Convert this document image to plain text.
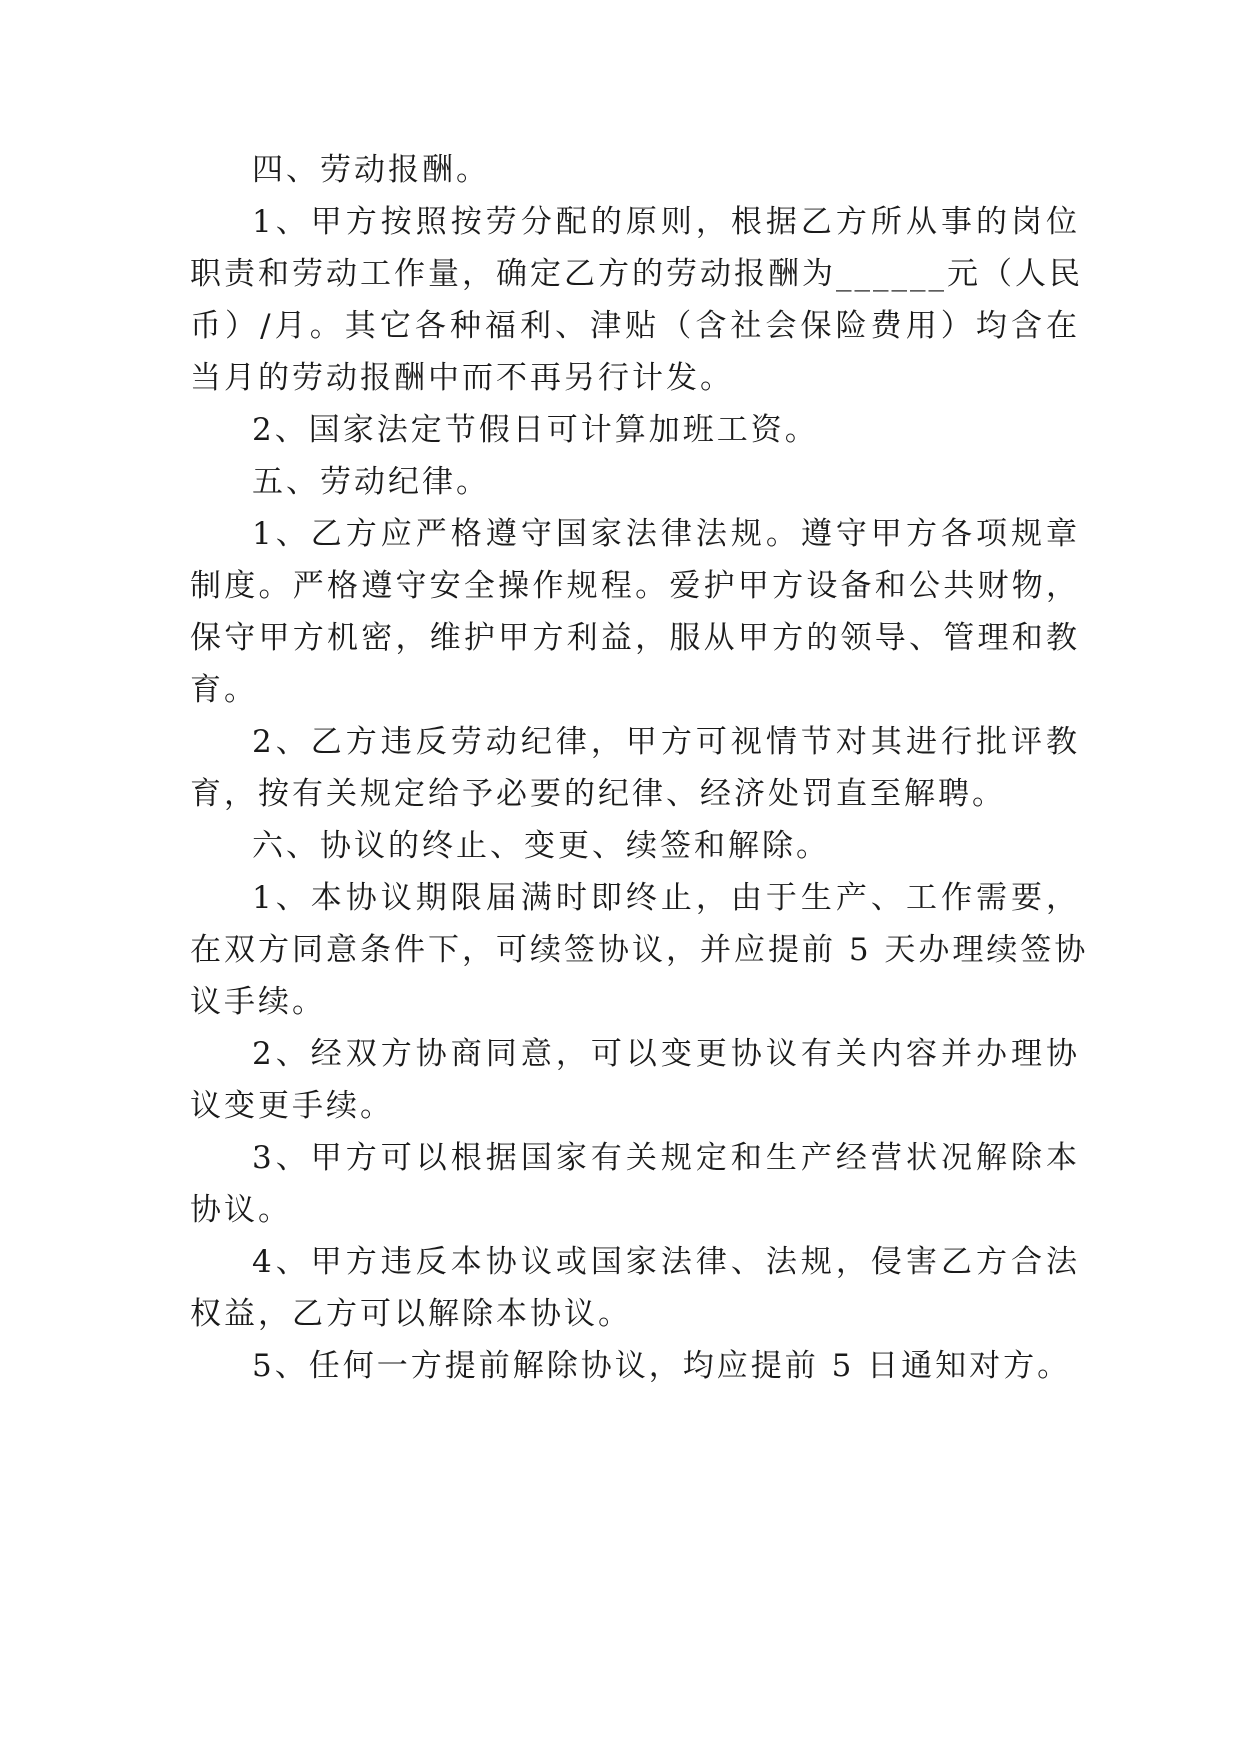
四、劳动报酬。

1、甲方按照按劳分配的原则，根据乙方所从事的岗位

职责和劳动工作量，确定乙方的劳动报酬为______元（人民

币）/月。其它各种福利、津贴（含社会保险费用）均含在

当月的劳动报酬中而不再另行计发。

2、国家法定节假日可计算加班工资。

五、劳动纪律。

1、乙方应严格遵守国家法律法规。遵守甲方各项规章

制度。严格遵守安全操作规程。爱护甲方设备和公共财物，

保守甲方机密，维护甲方利益，服从甲方的领导、管理和教

育。

2、乙方违反劳动纪律，甲方可视情节对其进行批评教

育，按有关规定给予必要的纪律、经济处罚直至解聘。

六、协议的终止、变更、续签和解除。

1、本协议期限届满时即终止，由于生产、工作需要，

在双方同意条件下，可续签协议，并应提前 5 天办理续签协

议手续。

2、经双方协商同意，可以变更协议有关内容并办理协

议变更手续。

3、甲方可以根据国家有关规定和生产经营状况解除本

协议。

4、甲方违反本协议或国家法律、法规，侵害乙方合法

权益，乙方可以解除本协议。

5、任何一方提前解除协议，均应提前 5 日通知对方。
